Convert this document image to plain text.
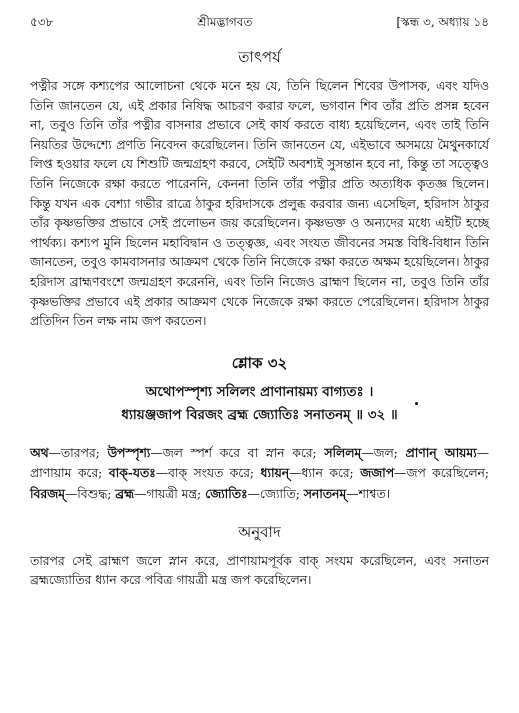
৫৩৮	শ্রীমদ্ভাগবত	[স্কন্ধ ৩, অধ্যায় ১৪
তাৎপর্য

পত্নীর সঙ্গে কশ্যপের আলোচনা থেকে মনে হয় যে, তিনি ছিলেন শিবের উপাসক, এবং যদিও তিনি জানতেন যে, এই প্রকার নিষিদ্ধ আচরণ করার ফলে, ভগবান শিব তাঁর প্রতি প্রসন্ন হবেন না, তবুও তিনি তাঁর পত্নীর বাসনার প্রভাবে সেই কার্য করতে বাধ্য হয়েছিলেন, এবং তাই তিনি নিয়তির উদ্দেশ্যে প্রণতি নিবেদন করেছিলেন। তিনি জানতেন যে, এইভাবে অসময়ে মৈথুনকার্যে লিপ্ত হওয়ার ফলে যে শিশুটি জন্মগ্রহণ করবে, সেইটি অবশ্যই সুসন্তান হবে না, কিন্তু তা সত্ত্বেও তিনি নিজেকে রক্ষা করতে পারেননি, কেননা তিনি তাঁর পত্নীর প্রতি অত্যধিক কৃতজ্ঞ ছিলেন। কিন্তু যখন এক বেশ্যা গভীর রাত্রে ঠাকুর হরিদাসকে প্রলুব্ধ করবার জন্য এসেছিল, হরিদাস ঠাকুর তাঁর কৃষ্ণভক্তির প্রভাবে সেই প্রলোভন জয় করেছিলেন। কৃষ্ণভক্ত ও অন্যদের মধ্যে এইটি হচ্ছে পার্থক্য। কশ্যপ মুনি ছিলেন মহাবিদ্বান ও তত্ত্বজ্ঞ, এবং সংযত জীবনের সমস্ত বিধি-বিধান তিনি জানতেন, তবুও কামবাসনার আক্রমণ থেকে তিনি নিজেকে রক্ষা করতে অক্ষম হয়েছিলেন। ঠাকুর হরিদাস ব্রাহ্মণবংশে জন্মগ্রহণ করেননি, এবং তিনি নিজেও ব্রাহ্মণ ছিলেন না, তবুও তিনি তাঁর কৃষ্ণভক্তির প্রভাবে এই প্রকার আক্রমণ থেকে নিজেকে রক্ষা করতে পেরেছিলেন। হরিদাস ঠাকুর প্রতিদিন তিন লক্ষ নাম জপ করতেন।

শ্লোক ৩২

অথোপস্পৃশ্য সলিলং প্রাণানায়ম্য বাগ্যতঃ ।

ধ্যায়ঞ্জজাপ বিরজং ব্রহ্ম জ্যোতিঃ সনাতনম্ ॥ ৩২ ॥

অথ—তারপর; উপস্পৃশ্য—জল স্পর্শ করে বা স্নান করে; সলিলম্—জল; প্রাণান্ আয়ম্য—প্রাণায়াম করে; বাক্-যতঃ—বাক্ সংযত করে; ধ্যায়ন্—ধ্যান করে; জজাপ—জপ করেছিলেন; বিরজম্—বিশুদ্ধ; ব্রহ্ম—গায়ত্রী মন্ত্র; জ্যোতিঃ—জ্যোতি; সনাতনম্—শাশ্বত।

অনুবাদ

তারপর সেই ব্রাহ্মণ জলে স্নান করে, প্রাণায়ামপূর্বক বাক্ সংযম করেছিলেন, এবং সনাতন ব্রহ্মজ্যোতির ধ্যান করে পবিত্র গায়ত্রী মন্ত্র জপ করেছিলেন।
